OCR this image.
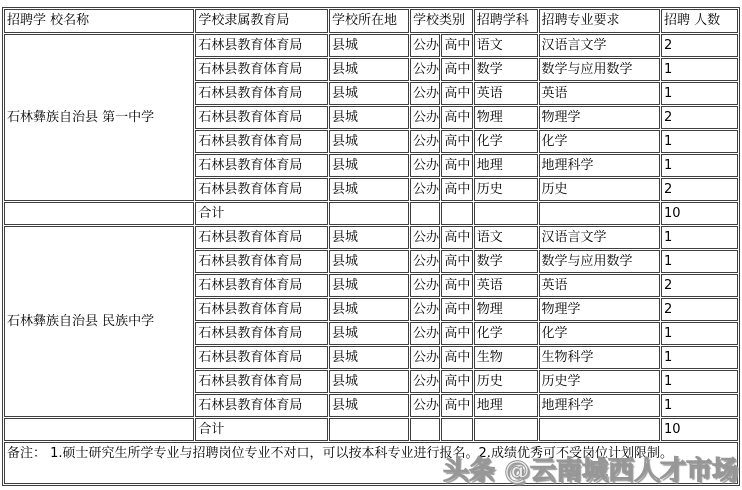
招聘学 校名称	学校隶属教育局	学校所在地	学校类别		招聘学科	招聘专业要求	招聘 人数
石林彝族自治县 第一中学	石林县教育体育局	县城	公办	高中	语文	汉语言文学	2
	石林县教育体育局	县城	公办	高中	数学	数学与应用数学	1
	石林县教育体育局	县城	公办	高中	英语	英语	1
	石林县教育体育局	县城	公办	高中	物理	物理学	2
	石林县教育体育局	县城	公办	高中	化学	化学	1
	石林县教育体育局	县城	公办	高中	地理	地理科学	1
	石林县教育体育局	县城	公办	高中	历史	历史	2
	合计						10
石林彝族自治县 民族中学	石林县教育体育局	县城	公办	高中	语文	汉语言文学	1
	石林县教育体育局	县城	公办	高中	数学	数学与应用数学	1
	石林县教育体育局	县城	公办	高中	英语	英语	2
	石林县教育体育局	县城	公办	高中	物理	物理学	2
	石林县教育体育局	县城	公办	高中	化学	化学	1
	石林县教育体育局	县城	公办	高中	生物	生物科学	1
	石林县教育体育局	县城	公办	高中	历史	历史学	1
	石林县教育体育局	县城	公办	高中	地理	地理科学	1
	合计						10
备注： 1.硕士研究生所学专业与招聘岗位专业不对口，可以按本科专业进行报名。2.成绩优秀可不受岗位计划限制。							
头条 @云南城西人才市场
